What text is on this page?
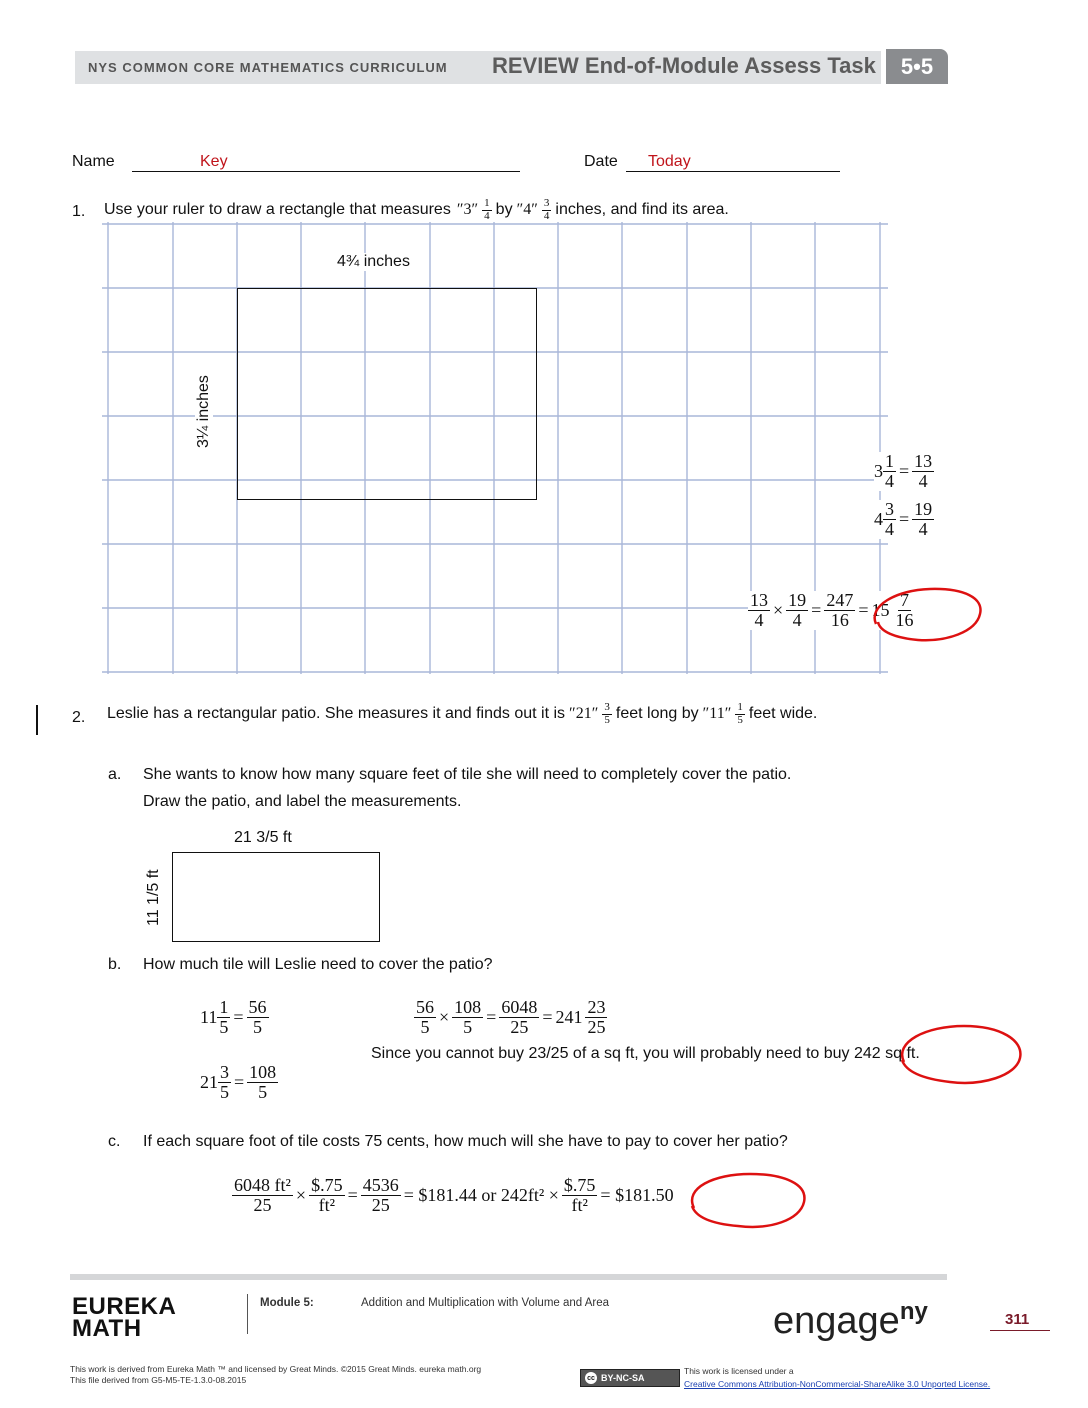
NYS COMMON CORE MATHEMATICS CURRICULUM REVIEW End-of-Module Assess Task	5•5
Name	Key	Date Today
1. Use your ruler to draw a rectangle that measures ″ 3 ″ $\frac{1}{4}$ by ″ 4 ″ $\frac{3}{4}$ inches, and find its area.
4¾ inches
3¼ inches
$3 \frac{1}{4} = \frac{13}{4}$
$4 \frac{3}{4} = \frac{19}{4}$
$\frac{13}{4} \times \frac{19}{4} = \frac{247}{16} = 15 \frac{7}{16}$
2. Leslie has a rectangular patio. She measures it and finds out it is ″ 21 ″ $\frac{3}{5}$ feet long by ″ 11 ″ $\frac{1}{5}$ feet wide.
a. She wants to know how many square feet of tile she will need to completely cover the patio.
Draw the patio, and label the measurements.
21 3/5 ft
11 1/5 ft
b. How much tile will Leslie need to cover the patio?
$11 \frac{1}{5} = \frac{56}{5}$
$21 \frac{3}{5} = \frac{108}{5}$
$\frac{56}{5} \times \frac{108}{5} = \frac{6048}{25} = 241 \frac{23}{25}$
Since you cannot buy 23/25 of a sq ft, you will probably need to buy 242 sq ft.
c. If each square foot of tile costs 75 cents, how much will she have to pay to cover her patio?
$\frac{\text{6048 ft²}}{25} \times \frac{\$.75}{\text{ft²}} = \frac{4536}{25}$ = $181.44 or $242ft^2 \times \frac{\$.75}{\text{ft²}}$ = $181.50
EUREKA
MATH
Module 5:	Addition and Multiplication with Volume and Area	engage$^{ny}$	311
This work is derived from Eureka Math ™ and licensed by Great Minds. ©2015 Great Minds. eureka math.org
This file derived from G5-M5-TE-1.3.0-08.2015	cc BY-NC-SA
This work is licensed under a
Creative Commons Attribution-NonCommercial-ShareAlike 3.0 Unported License.
